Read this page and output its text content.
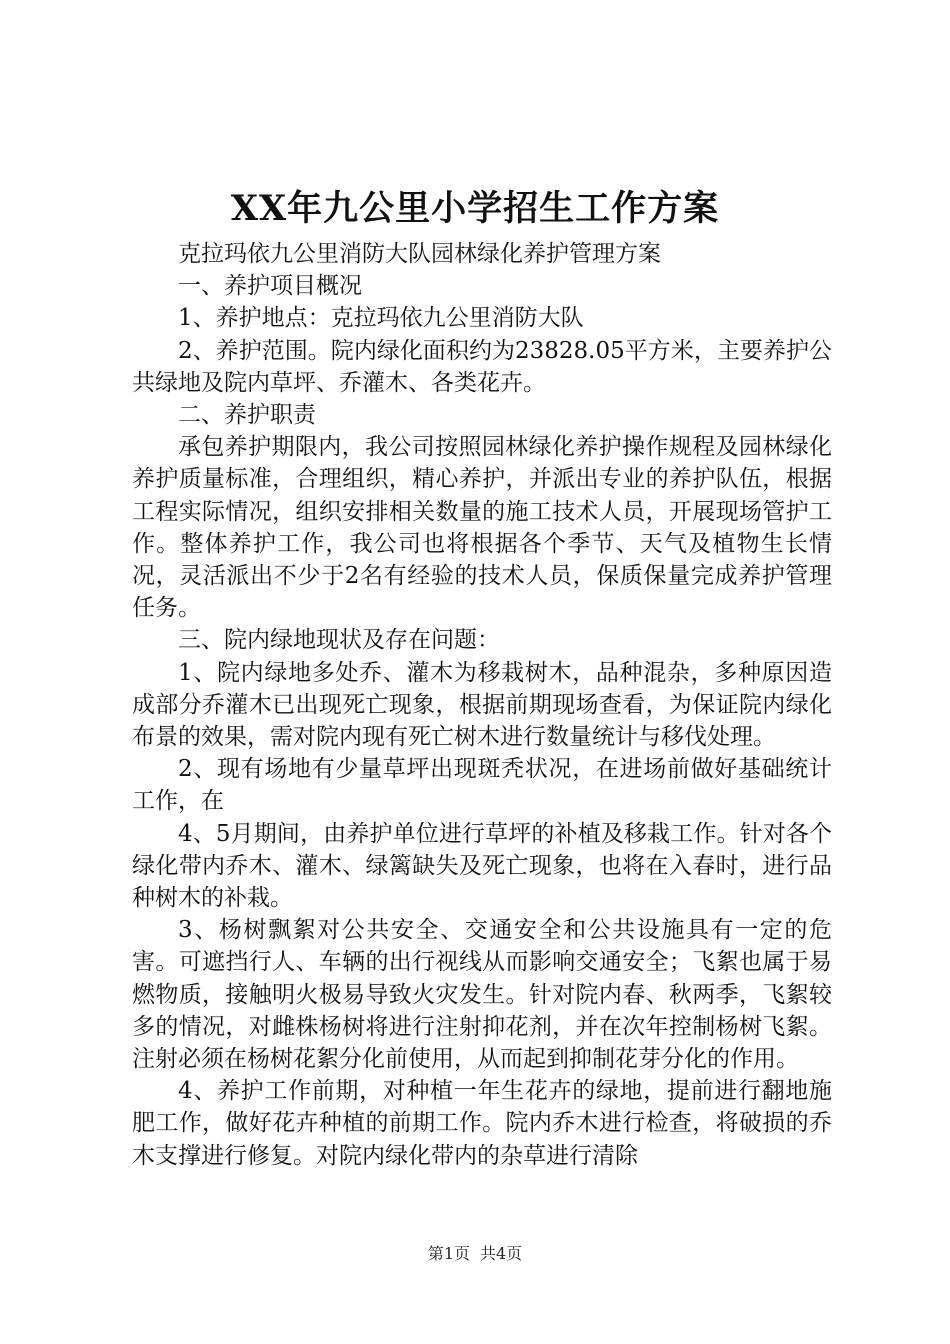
XX年九公里小学招生工作方案

克拉玛依九公里消防大队园林绿化养护管理方案

一、养护项目概况

1、养护地点：克拉玛依九公里消防大队

2、养护范围。院内绿化面积约为23828.05平方米，主要养护公共绿地及院内草坪、乔灌木、各类花卉。

二、养护职责

承包养护期限内，我公司按照园林绿化养护操作规程及园林绿化养护质量标准，合理组织，精心养护，并派出专业的养护队伍，根据工程实际情况，组织安排相关数量的施工技术人员，开展现场管护工作。整体养护工作，我公司也将根据各个季节、天气及植物生长情况，灵活派出不少于2名有经验的技术人员，保质保量完成养护管理任务。

三、院内绿地现状及存在问题：

1、院内绿地多处乔、灌木为移栽树木，品种混杂，多种原因造成部分乔灌木已出现死亡现象，根据前期现场查看，为保证院内绿化布景的效果，需对院内现有死亡树木进行数量统计与移伐处理。

2、现有场地有少量草坪出现斑秃状况，在进场前做好基础统计工作，在

4、5月期间，由养护单位进行草坪的补植及移栽工作。针对各个绿化带内乔木、灌木、绿篱缺失及死亡现象，也将在入春时，进行品种树木的补栽。

3、杨树飘絮对公共安全、交通安全和公共设施具有一定的危害。可遮挡行人、车辆的出行视线从而影响交通安全；飞絮也属于易燃物质，接触明火极易导致火灾发生。针对院内春、秋两季，飞絮较多的情况，对雌株杨树将进行注射抑花剂，并在次年控制杨树飞絮。注射必须在杨树花絮分化前使用，从而起到抑制花芽分化的作用。

4、养护工作前期，对种植一年生花卉的绿地，提前进行翻地施肥工作，做好花卉种植的前期工作。院内乔木进行检查，将破损的乔木支撑进行修复。对院内绿化带内的杂草进行清除

第1页 共4页
